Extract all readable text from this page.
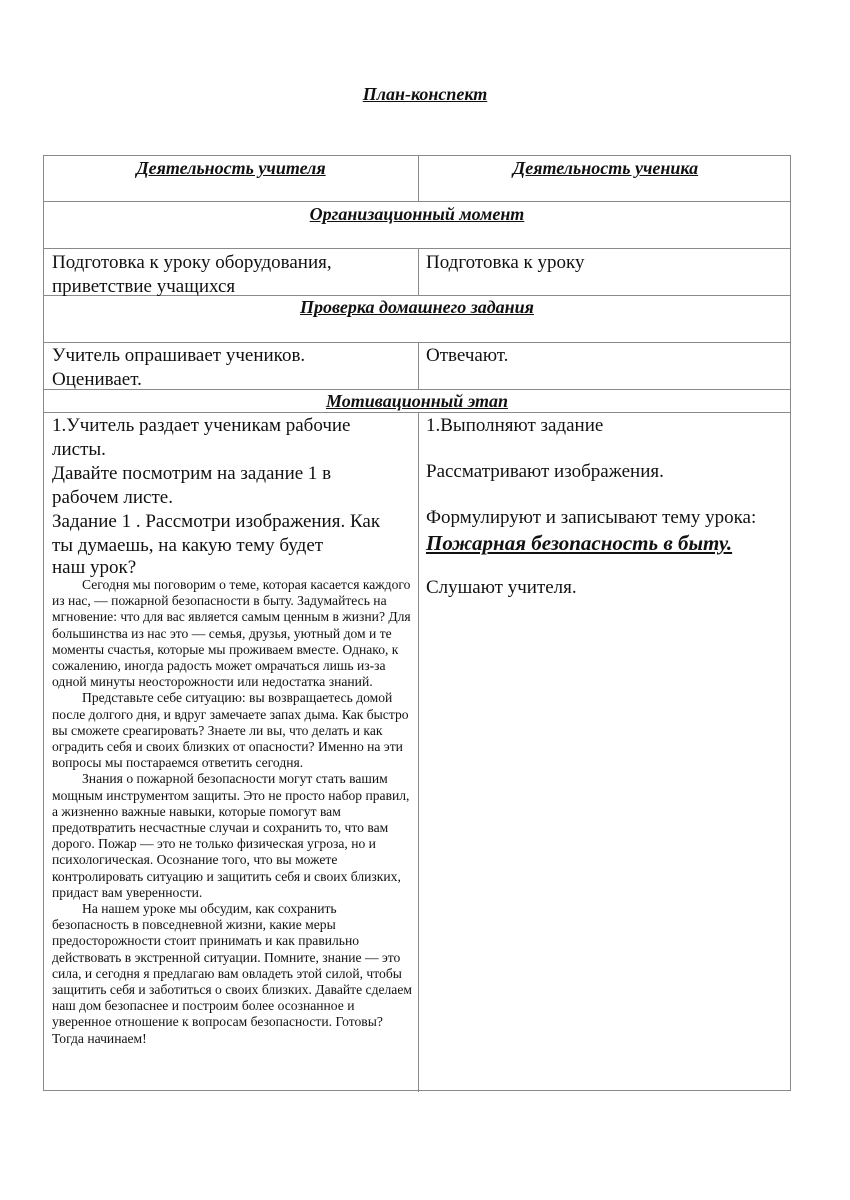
План-конспект
Деятельность учителя	Деятельность ученика
Организационный момент
Подготовка к уроку оборудования,
приветствие учащихся
Подготовка к уроку
Проверка домашнего задания
Учитель опрашивает учеников.
Оценивает.
Отвечают.
Мотивационный этап
1.Учитель раздает ученикам рабочие
листы.
Давайте посмотрим на задание 1 в
рабочем листе.
Задание 1 . Рассмотри изображения. Как
ты думаешь, на какую тему будет
наш урок?

Сегодня мы поговорим о теме, которая касается каждого из нас, — пожарной безопасности в быту. Задумайтесь на мгновение: что для вас является самым ценным в жизни? Для большинства из нас это — семья, друзья, уютный дом и те моменты счастья, которые мы проживаем вместе. Однако, к сожалению, иногда радость может омрачаться лишь из-за одной минуты неосторожности или недостатка знаний.

Представьте себе ситуацию: вы возвращаетесь домой после долгого дня, и вдруг замечаете запах дыма. Как быстро вы сможете среагировать? Знаете ли вы, что делать и как оградить себя и своих близких от опасности? Именно на эти вопросы мы постараемся ответить сегодня.

Знания о пожарной безопасности могут стать вашим мощным инструментом защиты. Это не просто набор правил, а жизненно важные навыки, которые помогут вам предотвратить несчастные случаи и сохранить то, что вам дорого. Пожар — это не только физическая угроза, но и психологическая. Осознание того, что вы можете контролировать ситуацию и защитить себя и своих близких, придаст вам уверенности.

На нашем уроке мы обсудим, как сохранить безопасность в повседневной жизни, какие меры предосторожности стоит принимать и как правильно действовать в экстренной ситуации. Помните, знание — это сила, и сегодня я предлагаю вам овладеть этой силой, чтобы защитить себя и заботиться о своих близких. Давайте сделаем наш дом безопаснее и построим более осознанное и уверенное отношение к вопросам безопасности. Готовы? Тогда начинаем!

1.Выполняют задание
Рассматривают изображения.
Формулируют и записывают тему урока:
Пожарная безопасность в быту.
Слушают учителя.
